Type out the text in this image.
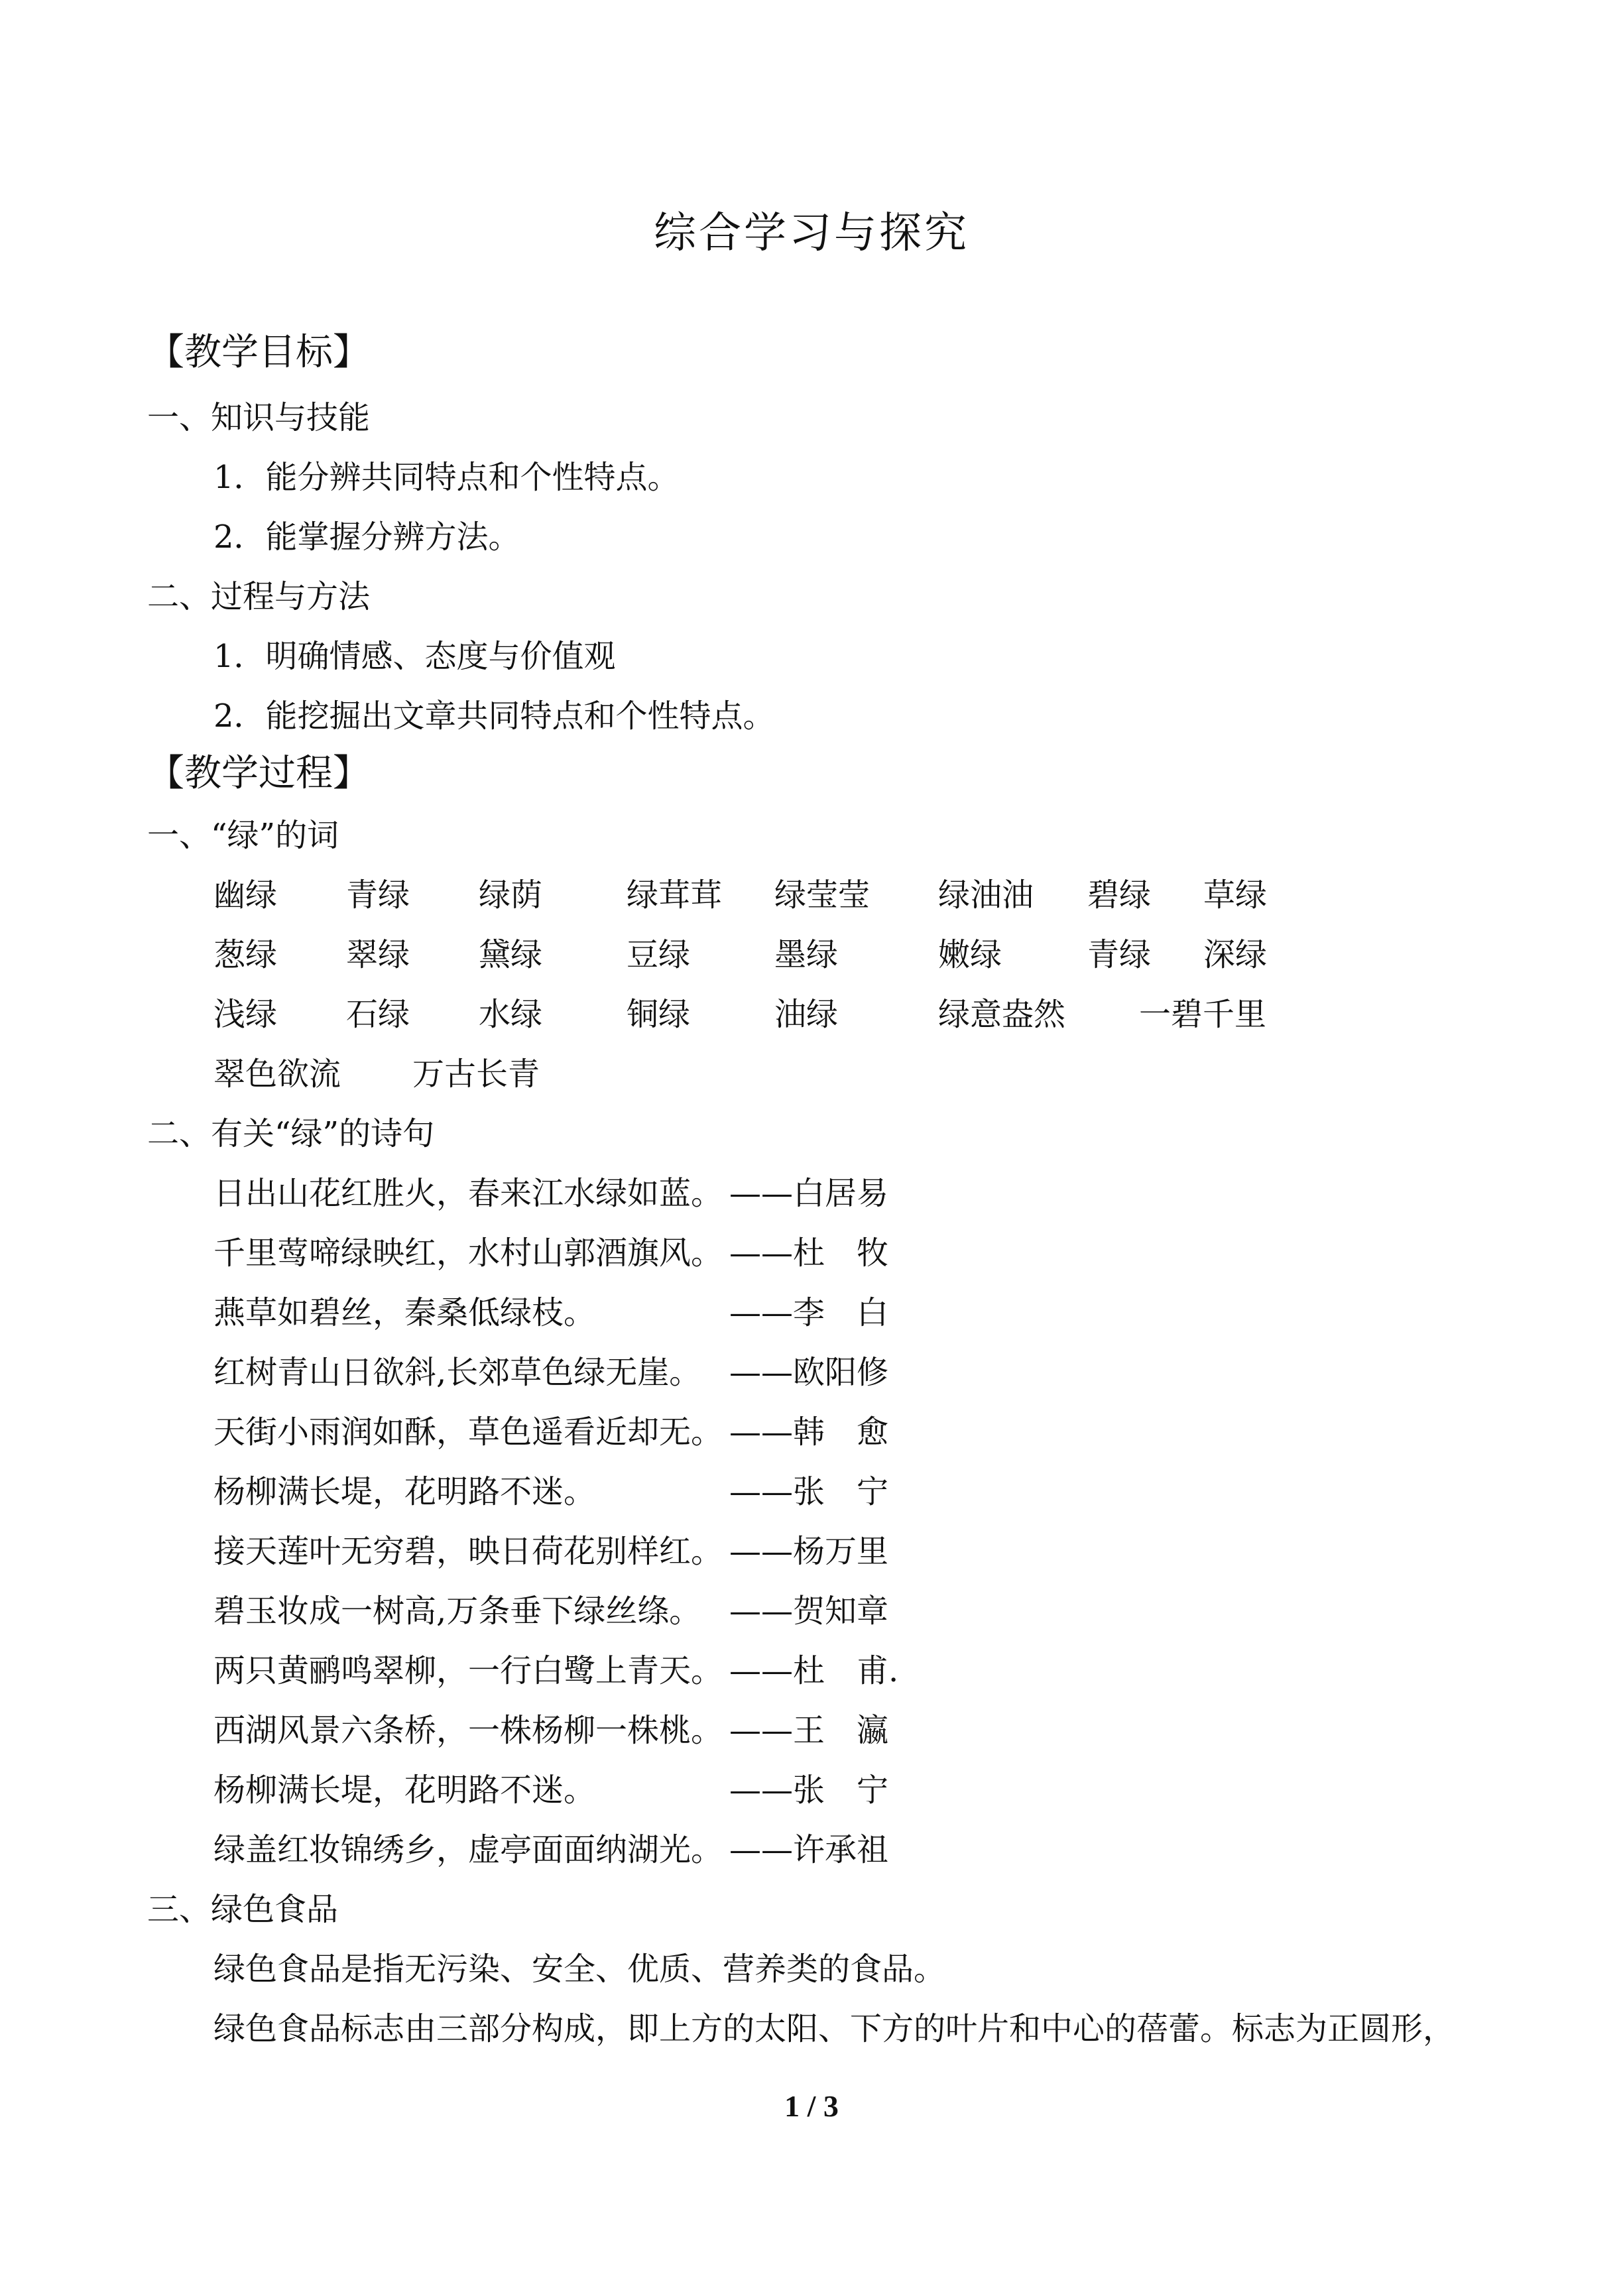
综合学习与探究
【教学目标】
一、知识与技能
1．能分辨共同特点和个性特点。
2．能掌握分辨方法。
二、过程与方法
1．明确情感、态度与价值观
2．能挖掘出文章共同特点和个性特点。
【教学过程】
一、“绿”的词
幽绿 青绿 绿荫	绿茸茸 绿莹莹 绿油油 碧绿 草绿
葱绿 翠绿 黛绿	豆绿	墨绿	嫩绿	青绿 深绿
浅绿 石绿 水绿	铜绿	油绿	绿意盎然 一碧千里
翠色欲流 万古长青
二、有关“绿”的诗句
日出山花红胜火，春来江水绿如蓝。 ——白居易
千里莺啼绿映红，水村山郭酒旗风。 ——杜　牧
燕草如碧丝，秦桑低绿枝。	——李　白
红树青山日欲斜,长郊草色绿无崖。 ——欧阳修
天街小雨润如酥，草色遥看近却无。 ——韩　愈
杨柳满长堤，花明路不迷。	——张　宁
接天莲叶无穷碧，映日荷花别样红。 ——杨万里
碧玉妆成一树高,万条垂下绿丝绦。 ——贺知章
两只黄鹂鸣翠柳，一行白鹭上青天。 ——杜　甫.
西湖风景六条桥，一株杨柳一株桃。 ——王　瀛
杨柳满长堤，花明路不迷。	——张　宁
绿盖红妆锦绣乡，虚亭面面纳湖光。 ——许承祖
三、绿色食品
绿色食品是指无污染、安全、优质、营养类的食品。
绿色食品标志由三部分构成，即上方的太阳、下方的叶片和中心的蓓蕾。标志为正圆形，
1 / 3
